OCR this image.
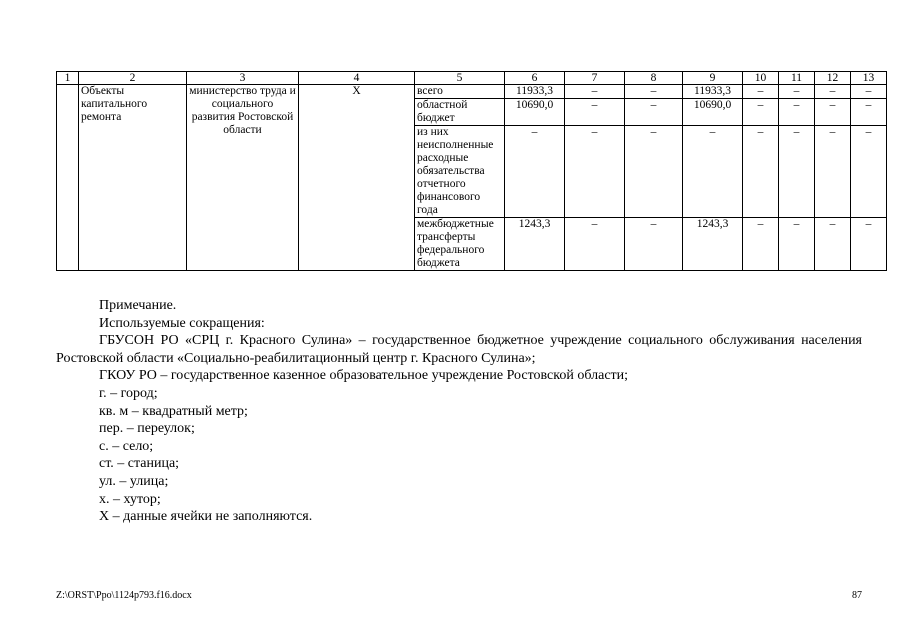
1	2	3	4	5	6	7	8	9	10	11	12	13
	Объекты капитального ремонта	министерство труда и социального развития Ростовской области	Х	всего	11933,3	–	–	11933,3	–	–	–	–
				областной бюджет	10690,0	–	–	10690,0	–	–	–	–
				из них неисполненные расходные обязательства отчетного финансового года	–	–	–	–	–	–	–	–
				межбюджетные трансферты федерального бюджета	1243,3	–	–	1243,3	–	–	–	–

Примечание.

Используемые сокращения:

ГБУСОН РО «СРЦ г. Красного Сулина» – государственное бюджетное учреждение социального обслуживания населения Ростовской области «Социально-реабилитационный центр г. Красного Сулина»;

ГКОУ РО – государственное казенное образовательное учреждение Ростовской области;

г. – город;

кв. м – квадратный метр;

пер. – переулок;

с. – село;

ст. – станица;

ул. – улица;

х. – хутор;

Х – данные ячейки не заполняются.

Z:\ORST\Ppo\1124p793.f16.docx	87
